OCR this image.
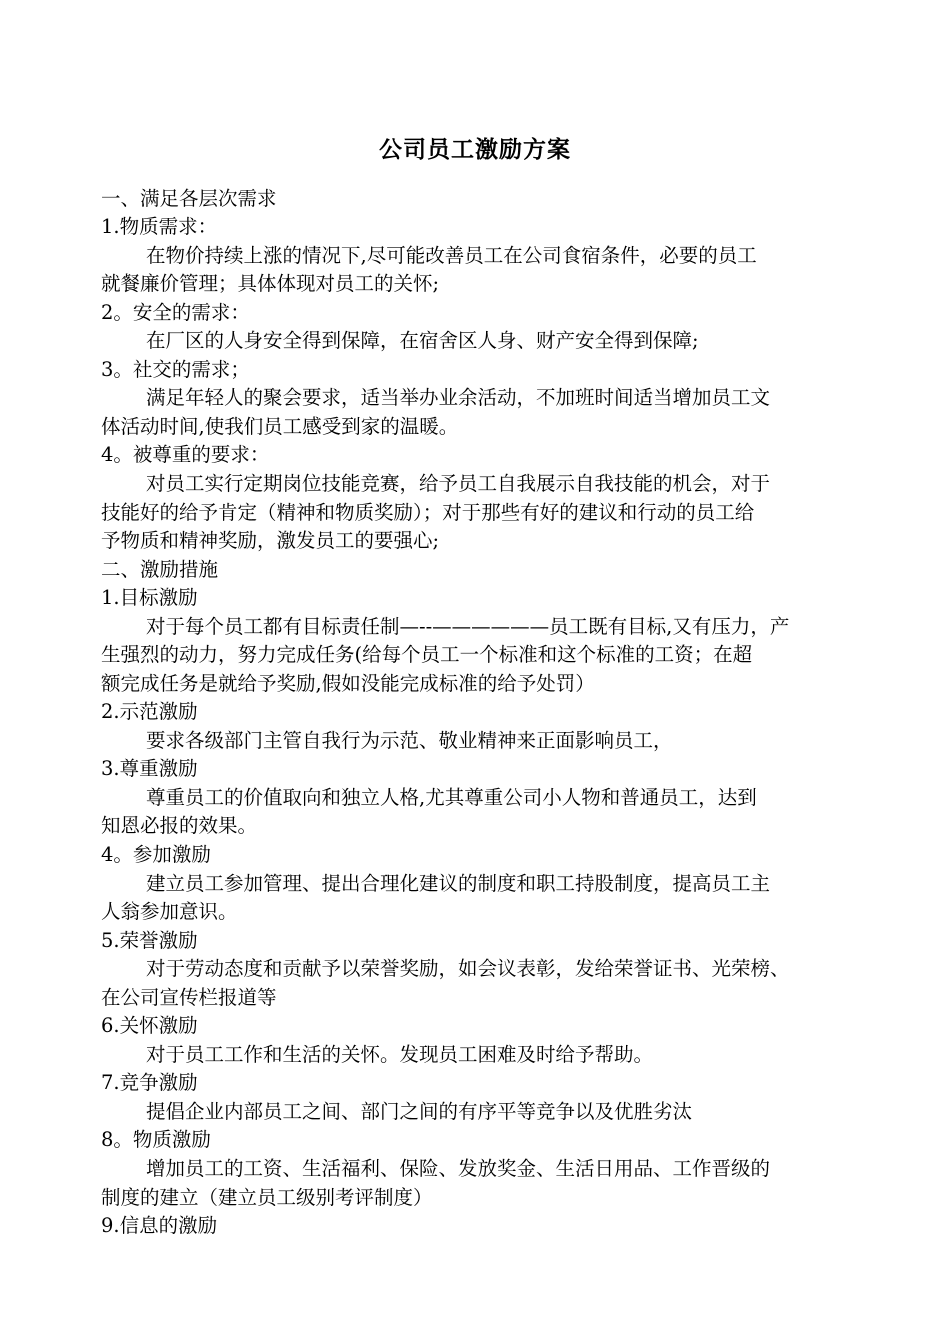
公司员工激励方案
一、满足各层次需求
1.物质需求：
在物价持续上涨的情况下,尽可能改善员工在公司食宿条件，必要的员工
就餐廉价管理；具体体现对员工的关怀;
2。安全的需求：
在厂区的人身安全得到保障，在宿舍区人身、财产安全得到保障;
3。社交的需求；
满足年轻人的聚会要求，适当举办业余活动，不加班时间适当增加员工文
体活动时间,使我们员工感受到家的温暖。
4。被尊重的要求：
对员工实行定期岗位技能竞赛，给予员工自我展示自我技能的机会，对于
技能好的给予肯定（精神和物质奖励）；对于那些有好的建议和行动的员工给
予物质和精神奖励，激发员工的要强心;
二、激励措施
1.目标激励
对于每个员工都有目标责任制—--——————员工既有目标,又有压力，产
生强烈的动力，努力完成任务(给每个员工一个标准和这个标准的工资；在超
额完成任务是就给予奖励,假如没能完成标准的给予处罚）
2.示范激励
要求各级部门主管自我行为示范、敬业精神来正面影响员工，
3.尊重激励
尊重员工的价值取向和独立人格,尤其尊重公司小人物和普通员工，达到
知恩必报的效果。
4。参加激励
建立员工参加管理、提出合理化建议的制度和职工持股制度，提高员工主
人翁参加意识。
5.荣誉激励
对于劳动态度和贡献予以荣誉奖励，如会议表彰，发给荣誉证书、光荣榜、
在公司宣传栏报道等
6.关怀激励
对于员工工作和生活的关怀。发现员工困难及时给予帮助。
7.竞争激励
提倡企业内部员工之间、部门之间的有序平等竞争以及优胜劣汰
8。物质激励
增加员工的工资、生活福利、保险、发放奖金、生活日用品、工作晋级的
制度的建立（建立员工级别考评制度）
9.信息的激励
